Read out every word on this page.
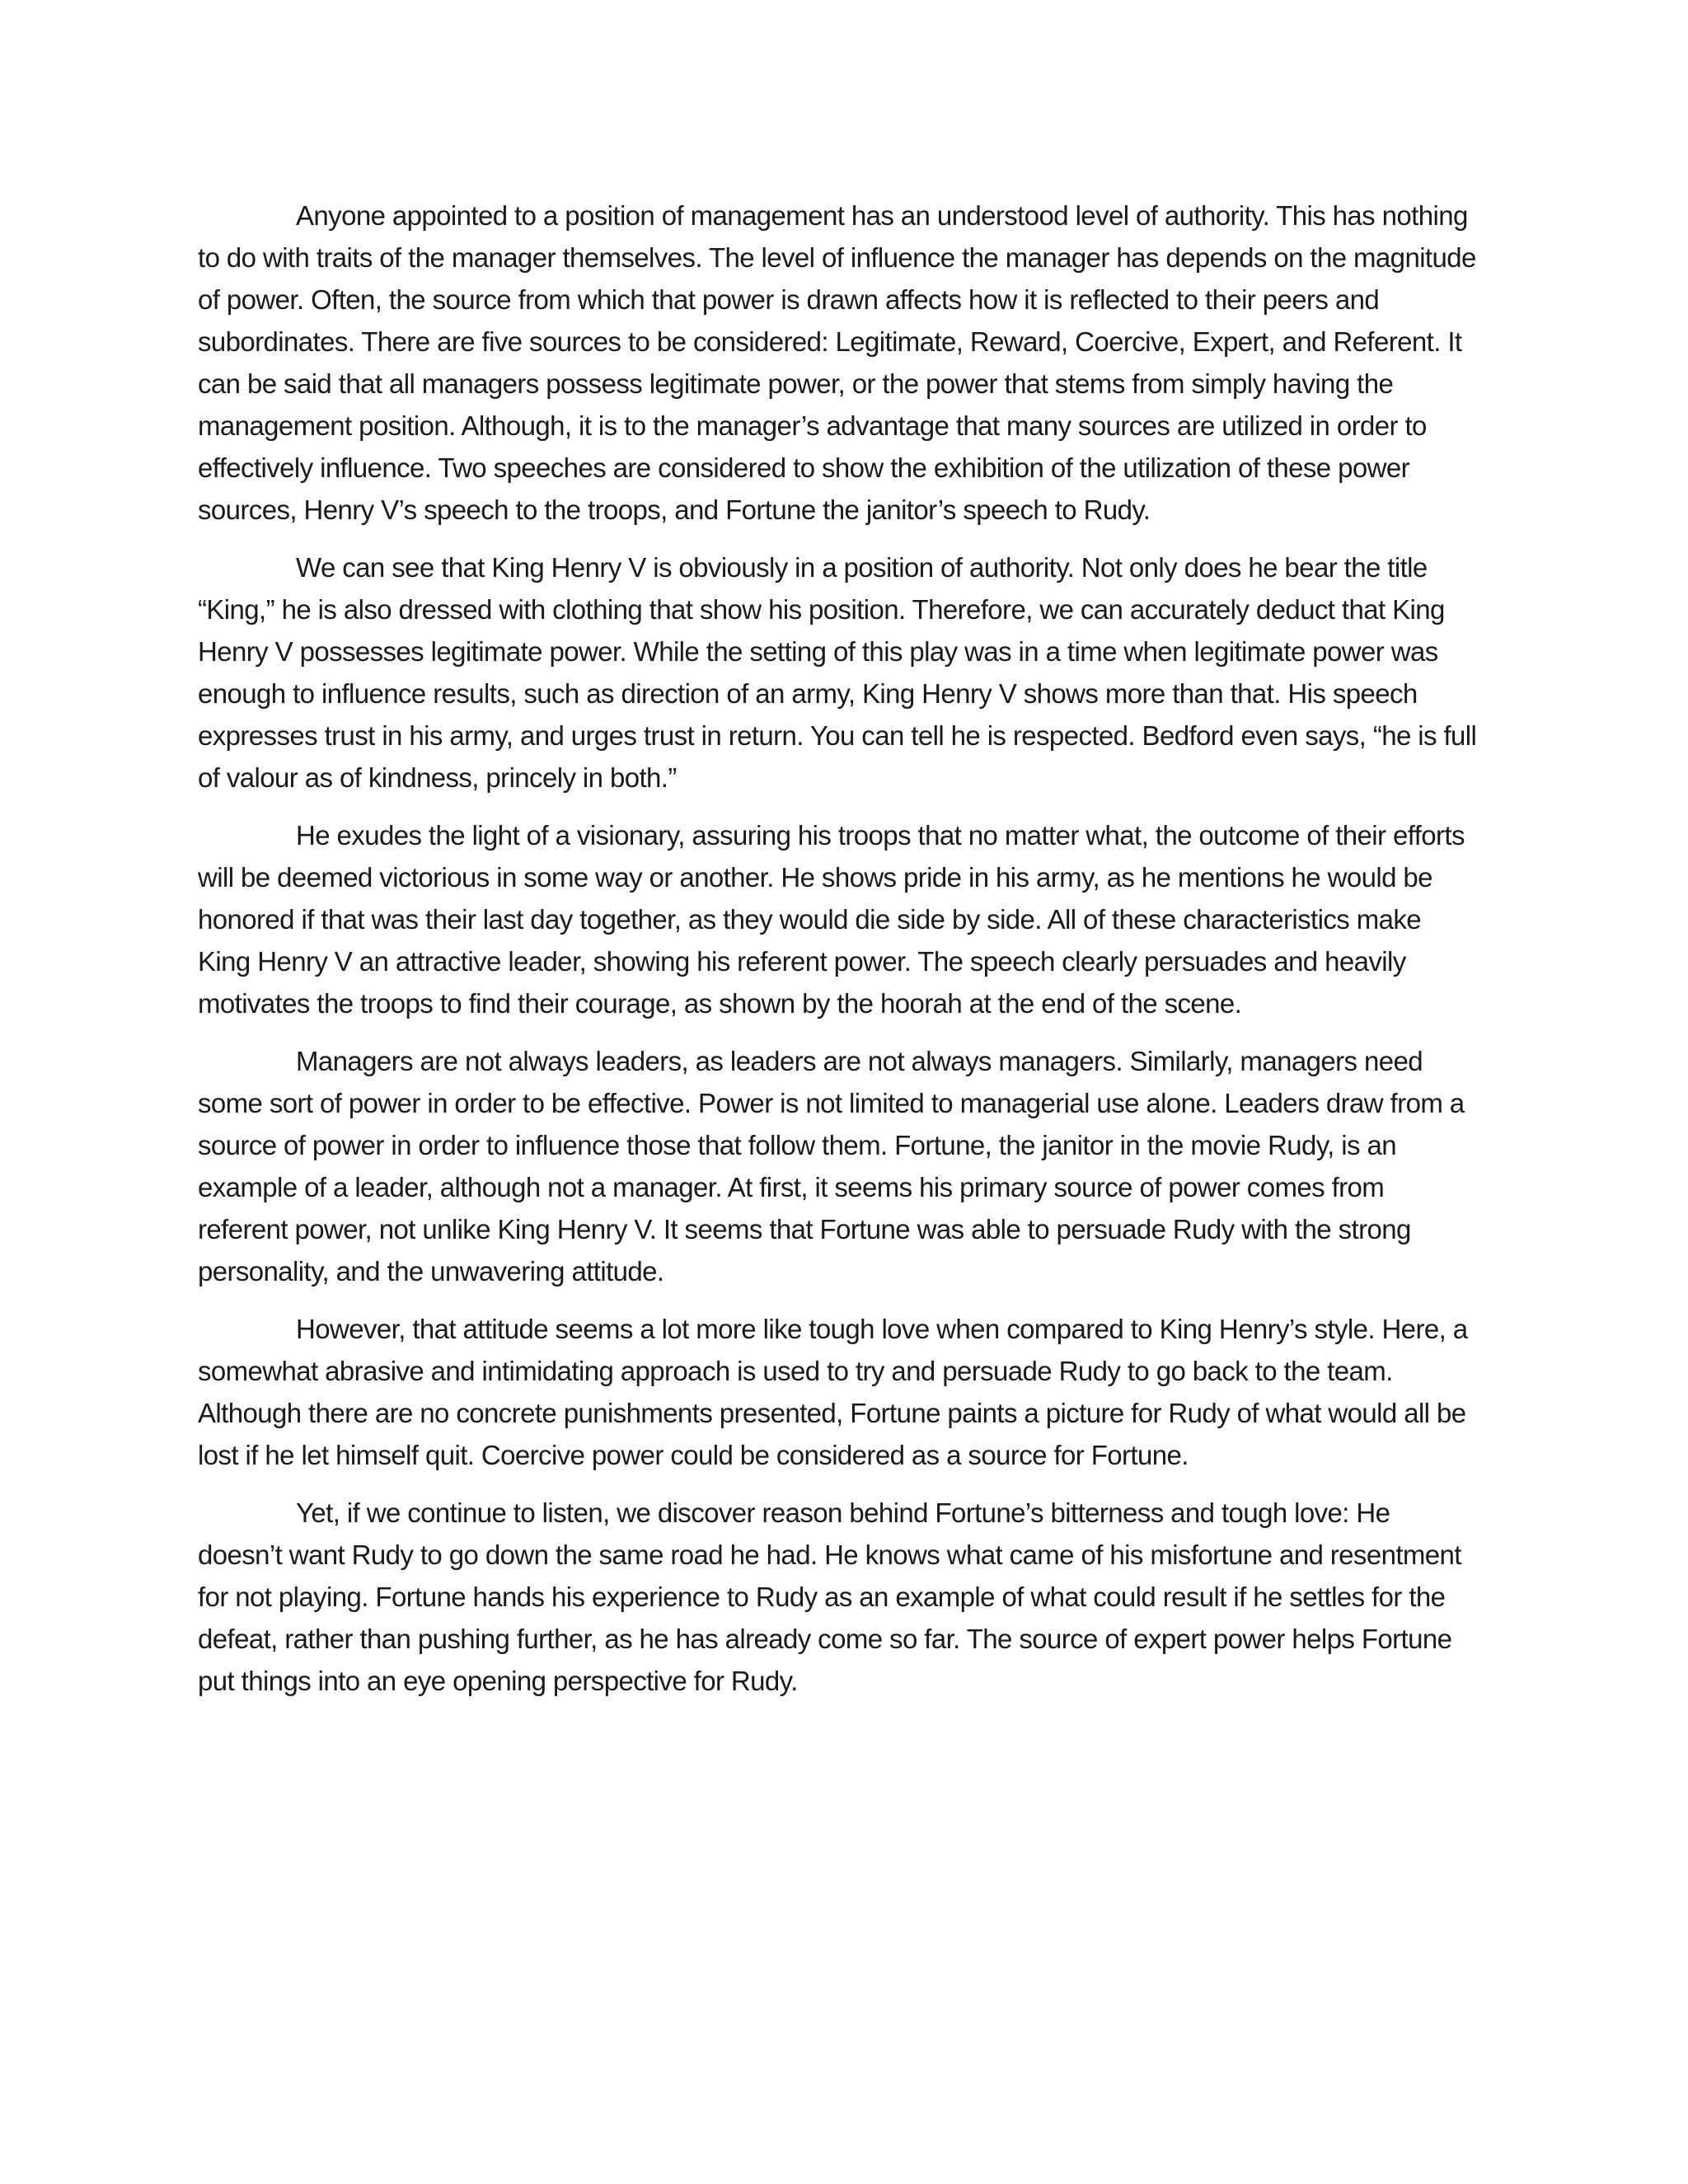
Anyone appointed to a position of management has an understood level of authority. This has nothing to do with traits of the manager themselves. The level of influence the manager has depends on the magnitude of power. Often, the source from which that power is drawn affects how it is reflected to their peers and subordinates. There are five sources to be considered: Legitimate, Reward, Coercive, Expert, and Referent. It can be said that all managers possess legitimate power, or the power that stems from simply having the management position. Although, it is to the manager’s advantage that many sources are utilized in order to effectively influence. Two speeches are considered to show the exhibition of the utilization of these power sources, Henry V’s speech to the troops, and Fortune the janitor’s speech to Rudy.

We can see that King Henry V is obviously in a position of authority. Not only does he bear the title “King,” he is also dressed with clothing that show his position. Therefore, we can accurately deduct that King Henry V possesses legitimate power. While the setting of this play was in a time when legitimate power was enough to influence results, such as direction of an army, King Henry V shows more than that. His speech expresses trust in his army, and urges trust in return. You can tell he is respected. Bedford even says, “he is full of valour as of kindness, princely in both.”

He exudes the light of a visionary, assuring his troops that no matter what, the outcome of their efforts will be deemed victorious in some way or another. He shows pride in his army, as he mentions he would be honored if that was their last day together, as they would die side by side. All of these characteristics make King Henry V an attractive leader, showing his referent power. The speech clearly persuades and heavily motivates the troops to find their courage, as shown by the hoorah at the end of the scene.

Managers are not always leaders, as leaders are not always managers. Similarly, managers need some sort of power in order to be effective. Power is not limited to managerial use alone. Leaders draw from a source of power in order to influence those that follow them. Fortune, the janitor in the movie Rudy, is an example of a leader, although not a manager. At first, it seems his primary source of power comes from referent power, not unlike King Henry V. It seems that Fortune was able to persuade Rudy with the strong personality, and the unwavering attitude.

However, that attitude seems a lot more like tough love when compared to King Henry’s style. Here, a somewhat abrasive and intimidating approach is used to try and persuade Rudy to go back to the team. Although there are no concrete punishments presented, Fortune paints a picture for Rudy of what would all be lost if he let himself quit. Coercive power could be considered as a source for Fortune.

Yet, if we continue to listen, we discover reason behind Fortune’s bitterness and tough love: He doesn’t want Rudy to go down the same road he had. He knows what came of his misfortune and resentment for not playing. Fortune hands his experience to Rudy as an example of what could result if he settles for the defeat, rather than pushing further, as he has already come so far. The source of expert power helps Fortune put things into an eye opening perspective for Rudy.
